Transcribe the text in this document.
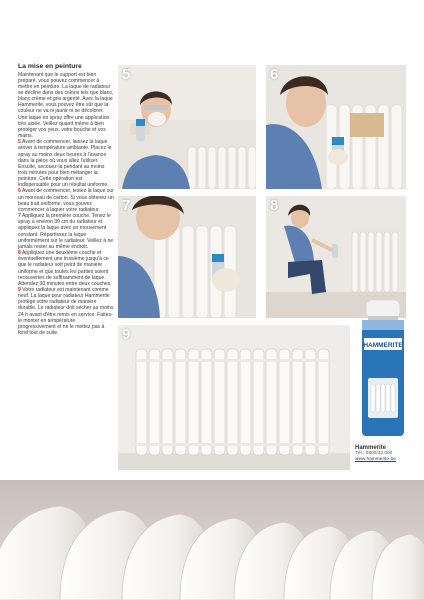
La mise en peinture

Maintenant que le support est bien préparé, vous pouvez commencer à mettre en peinture. La laque de radiateur se décline dans des coloris tels que blanc, blanc crème et gris argenté. Avec la laque Hammerite, vous pouvez être sûr que la couleur ne va ni jaunir ni se décolorer. Une laque en spray offre une application très aisée. Veillez quand même à bien protéger vos yeux, votre bouche et vos mains.

5 Avant de commencer, laissez la laque arriver à température ambiante. Placez le spray au moins deux heures à l'avance dans la pièce où vous allez l'utiliser. Ensuite, secouez-la pendant au moins trois minutes pour bien mélanger la peinture. Cette opération est indispensable pour un résultat uniforme.

6 Avant de commencer, testez la laque sur un morceau de carton. Si vous obtenez un beau trait uniforme, vous pouvez commencer à laquer votre radiateur.

7 Appliquez la première couche. Tenez le spray à environ 30 cm du radiateur et appliquez la laque avec un mouvement constant. Répartissez la laque uniformément sur le radiateur. Veillez à ne jamais rester au même endroit.

8 Appliquez une deuxième couche et éventuellement une troisième jusqu'à ce que le radiateur soit peint de manière uniforme et que toutes les parties soient recouvertes de suffisamment de laque. Attendez 30 minutes entre deux couches.

9 Votre radiateur est maintenant comme neuf. La laque pour radiateur Hammerite protège votre radiateur de manière durable. Le radiateur doit sécher au moins 24 h avant d'être remis en service. Faites-le monter en température progressivement et ne le mettez pas à fond tout de suite.

5	6
7	8
9
HAMMERITE
Hammerite
Tél.: 0800/32.000
www.hammerite.be
